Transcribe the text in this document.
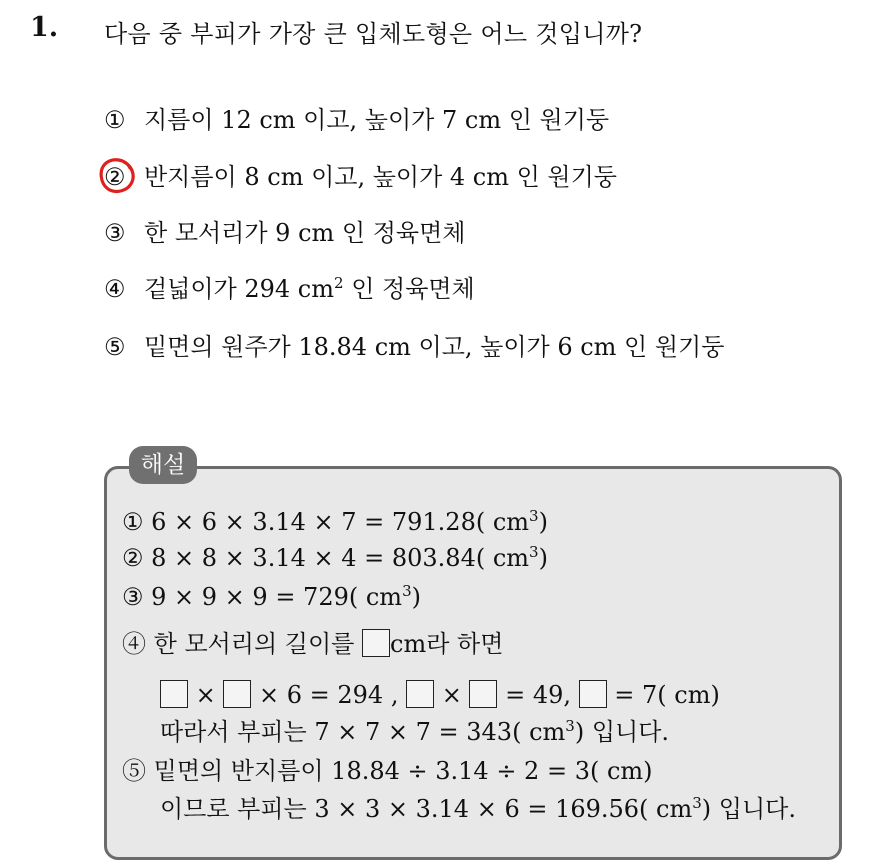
1. 다음 중 부피가 가장 큰 입체도형은 어느 것입니까?
① 지름이 12 cm 이고, 높이가 7 cm 인 원기둥
② 반지름이 8 cm 이고, 높이가 4 cm 인 원기둥
③ 한 모서리가 9 cm 인 정육면체
④ 겉넓이가 294 $cm^2$ 인 정육면체
⑤ 밑면의 원주가 18.84 cm 이고, 높이가 6 cm 인 원기둥
해설
① 6 × 6 × 3.14 × 7 = 791.28( $cm^3$)
② 8 × 8 × 3.14 × 4 = 803.84( $cm^3$)
③ 9 × 9 × 9 = 729( $cm^3$)
④ 한 모서리의 길이를 cm라 하면
×  × 6 = 294 ,  ×  = 49,  = 7( cm)
따라서 부피는 7 × 7 × 7 = 343( $cm^3$) 입니다.
⑤ 밑면의 반지름이 18.84 ÷ 3.14 ÷ 2 = 3( cm)
이므로 부피는 3 × 3 × 3.14 × 6 = 169.56( $cm^3$) 입니다.
